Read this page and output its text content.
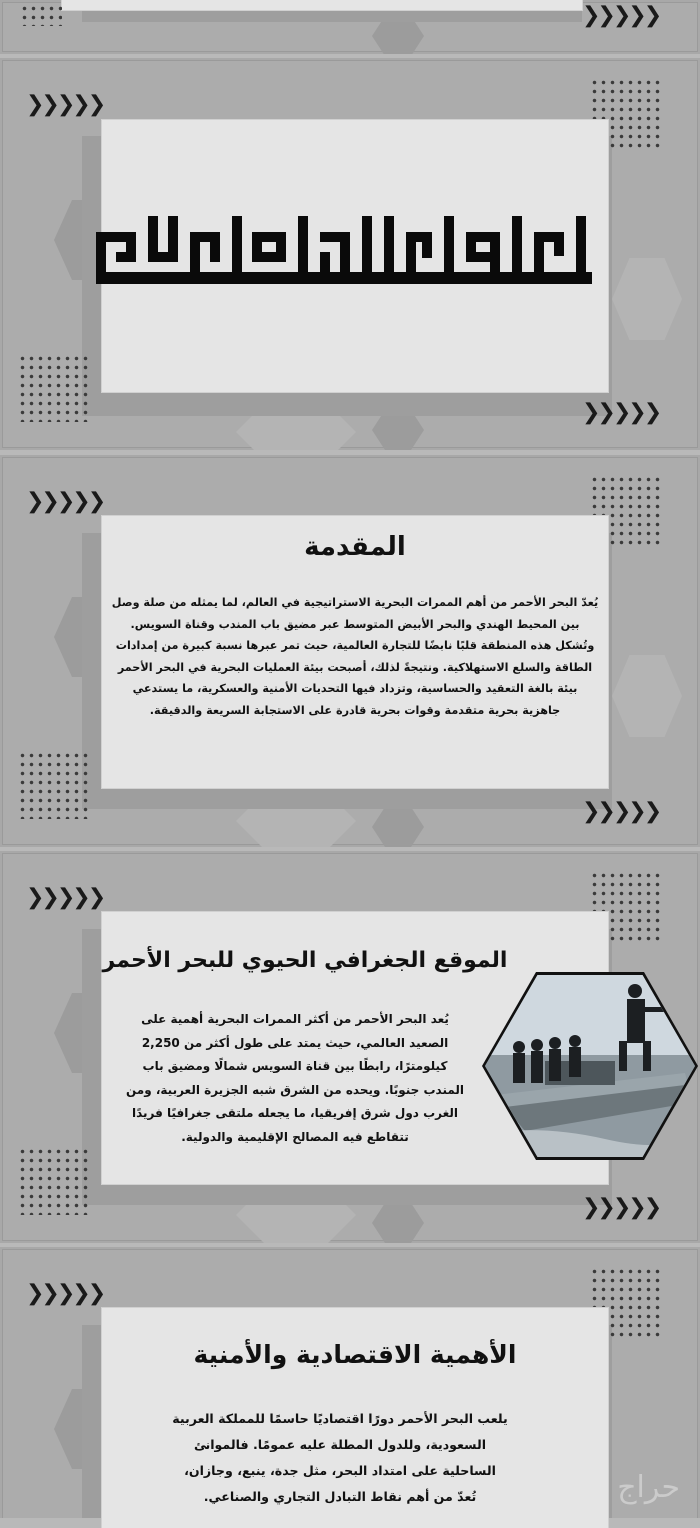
❯❯❯❯❯
❯❯❯❯❯
❯❯❯❯❯
❯❯❯❯❯
❯❯❯❯❯
المقدمة
يُعدّ البحر الأحمر من أهم الممرات البحرية الاستراتيجية في العالم، لما يمثله من صلة وصل
بين المحيط الهندي والبحر الأبيض المتوسط عبر مضيق باب المندب وقناة السويس.
وتُشكل هذه المنطقة قلبًا نابضًا للتجارة العالمية، حيث تمر عبرها نسبة كبيرة من إمدادات
الطاقة والسلع الاستهلاكية. ونتيجةً لذلك، أصبحت بيئة العمليات البحرية في البحر الأحمر
بيئة بالغة التعقيد والحساسية، وتزداد فيها التحديات الأمنية والعسكرية، ما يستدعي
جاهزية بحرية متقدمة وقوات بحرية قادرة على الاستجابة السريعة والدقيقة.
❯❯❯❯❯
❯❯❯❯❯
الموقع الجغرافي الحيوي للبحر الأحمر
يُعد البحر الأحمر من أكثر الممرات البحرية أهمية على
الصعيد العالمي، حيث يمتد على طول أكثر من 2,250
كيلومترًا، رابطًا بين قناة السويس شمالًا ومضيق باب
المندب جنوبًا. ويحده من الشرق شبه الجزيرة العربية، ومن
الغرب دول شرق إفريقيا، ما يجعله ملتقى جغرافيًا فريدًا
تتقاطع فيه المصالح الإقليمية والدولية.
❯❯❯❯❯
الأهمية الاقتصادية والأمنية
يلعب البحر الأحمر دورًا اقتصاديًا حاسمًا للمملكة العربية
السعودية، وللدول المطلة عليه عمومًا. فالموانئ
الساحلية على امتداد البحر، مثل جدة، ينبع، وجازان،
تُعدّ من أهم نقاط التبادل التجاري والصناعي.	حراج
